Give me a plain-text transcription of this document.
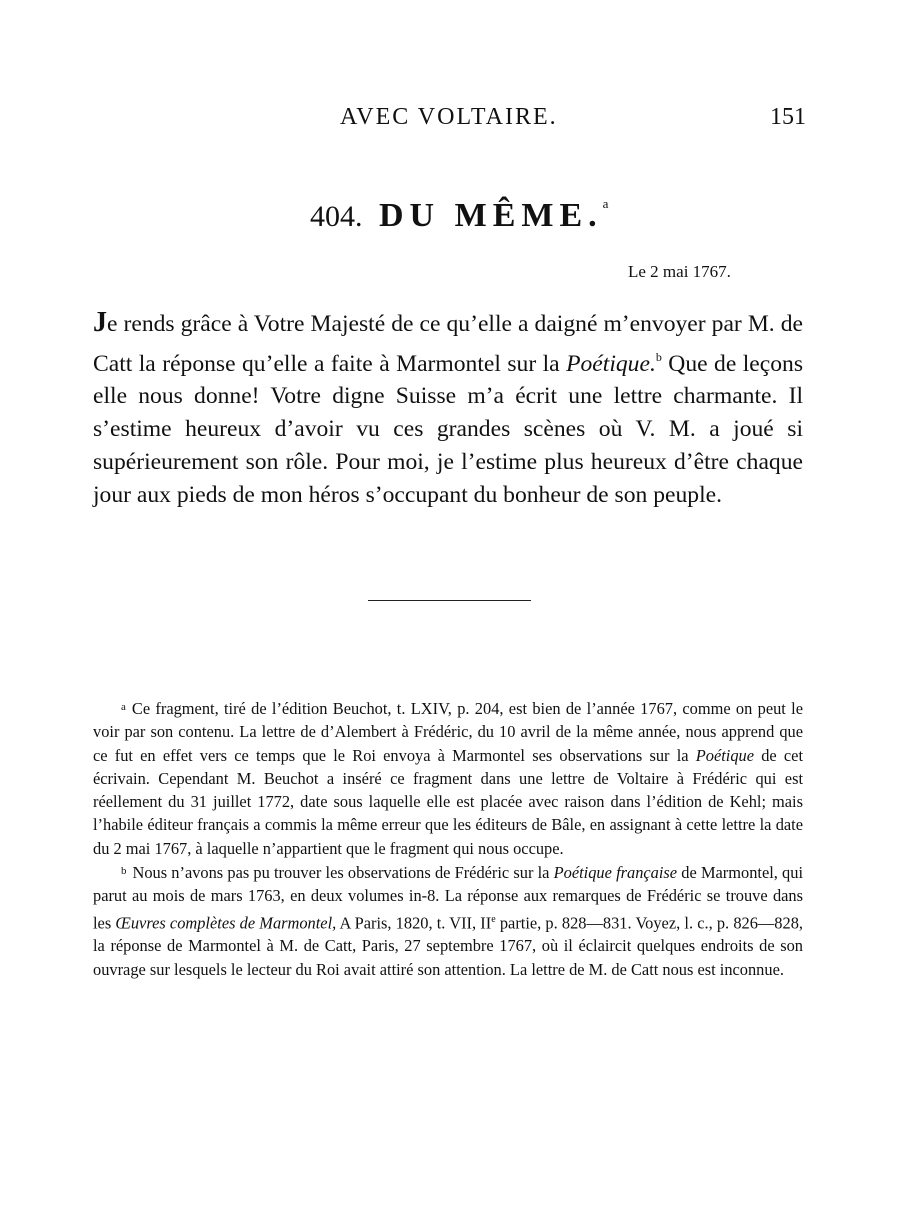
AVEC VOLTAIRE.	151
404. DU MÊME.$^a$
Le 2 mai 1767.

Je rends grâce à Votre Majesté de ce qu’elle a daigné m’envoyer par M. de Catt la réponse qu’elle a faite à Marmontel sur la Poétique.$^b$ Que de leçons elle nous donne! Votre digne Suisse m’a écrit une lettre charmante. Il s’estime heureux d’avoir vu ces grandes scènes où V. M. a joué si supérieurement son rôle. Pour moi, je l’estime plus heureux d’être chaque jour aux pieds de mon héros s’occupant du bonheur de son peuple.

$^a$ Ce fragment, tiré de l’édition Beuchot, t. LXIV, p. 204, est bien de l’année 1767, comme on peut le voir par son contenu. La lettre de d’Alembert à Frédéric, du 10 avril de la même année, nous apprend que ce fut en effet vers ce temps que le Roi envoya à Marmontel ses observations sur la Poétique de cet écrivain. Cependant M. Beuchot a inséré ce fragment dans une lettre de Voltaire à Frédéric qui est réellement du 31 juillet 1772, date sous laquelle elle est placée avec raison dans l’édition de Kehl; mais l’habile éditeur français a commis la même erreur que les éditeurs de Bâle, en assignant à cette lettre la date du 2 mai 1767, à laquelle n’appartient que le fragment qui nous occupe.

$^b$ Nous n’avons pas pu trouver les observations de Frédéric sur la Poétique française de Marmontel, qui parut au mois de mars 1763, en deux volumes in-8. La réponse aux remarques de Frédéric se trouve dans les Œuvres complètes de Marmontel, A Paris, 1820, t. VII, IIe partie, p. 828—831. Voyez, l. c., p. 826—828, la réponse de Marmontel à M. de Catt, Paris, 27 septembre 1767, où il éclaircit quelques endroits de son ouvrage sur lesquels le lecteur du Roi avait attiré son attention. La lettre de M. de Catt nous est inconnue.
